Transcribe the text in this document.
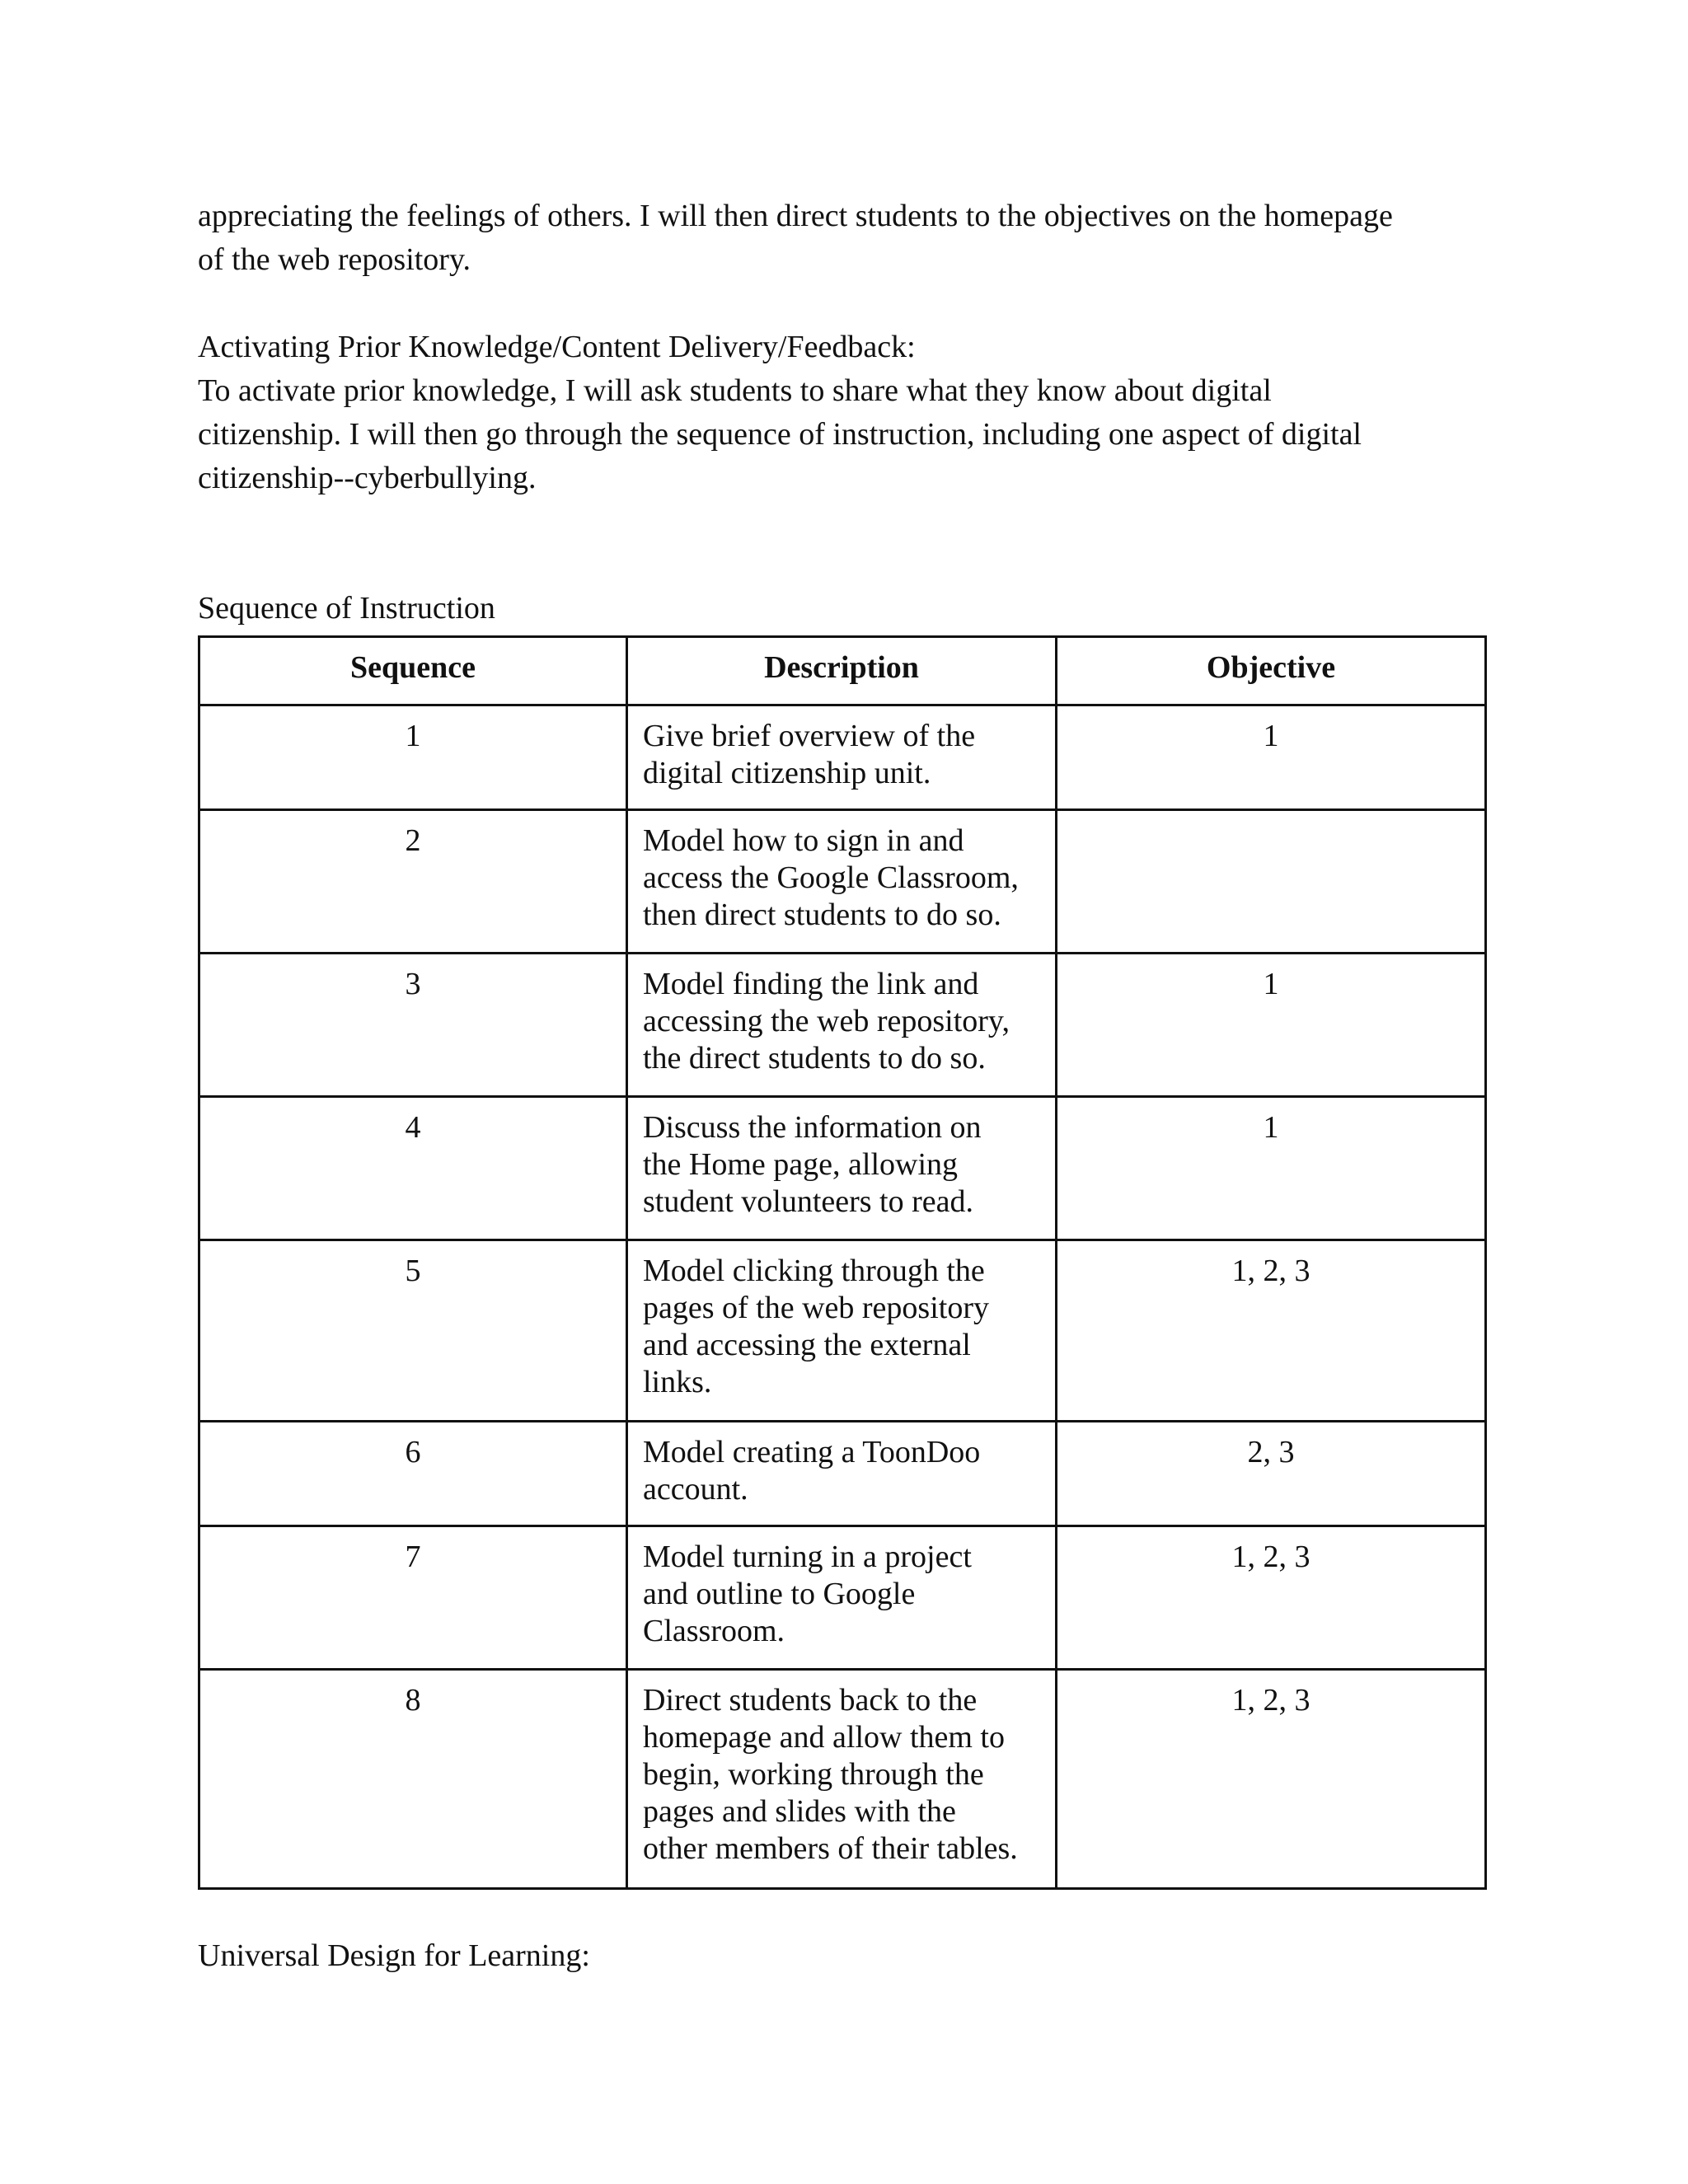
appreciating the feelings of others. I will then direct students to the objectives on the homepage
of the web repository.

Activating Prior Knowledge/Content Delivery/Feedback:
To activate prior knowledge, I will ask students to share what they know about digital
citizenship. I will then go through the sequence of instruction, including one aspect of digital
citizenship--cyberbullying.

Sequence of Instruction

Sequence	Description	Objective
1	Give brief overview of the
digital citizenship unit.	1
2	Model how to sign in and
access the Google Classroom,
then direct students to do so.	

3	Model finding the link and
accessing the web repository,
the direct students to do so.	1
4	Discuss the information on
the Home page, allowing
student volunteers to read.	1
5	Model clicking through the
pages of the web repository
and accessing the external
links.	1, 2, 3
6	Model creating a ToonDoo
account.	2, 3
7	Model turning in a project
and outline to Google
Classroom.	1, 2, 3
8	Direct students back to the
homepage and allow them to
begin, working through the
pages and slides with the
other members of their tables.	1, 2, 3

Universal Design for Learning:
